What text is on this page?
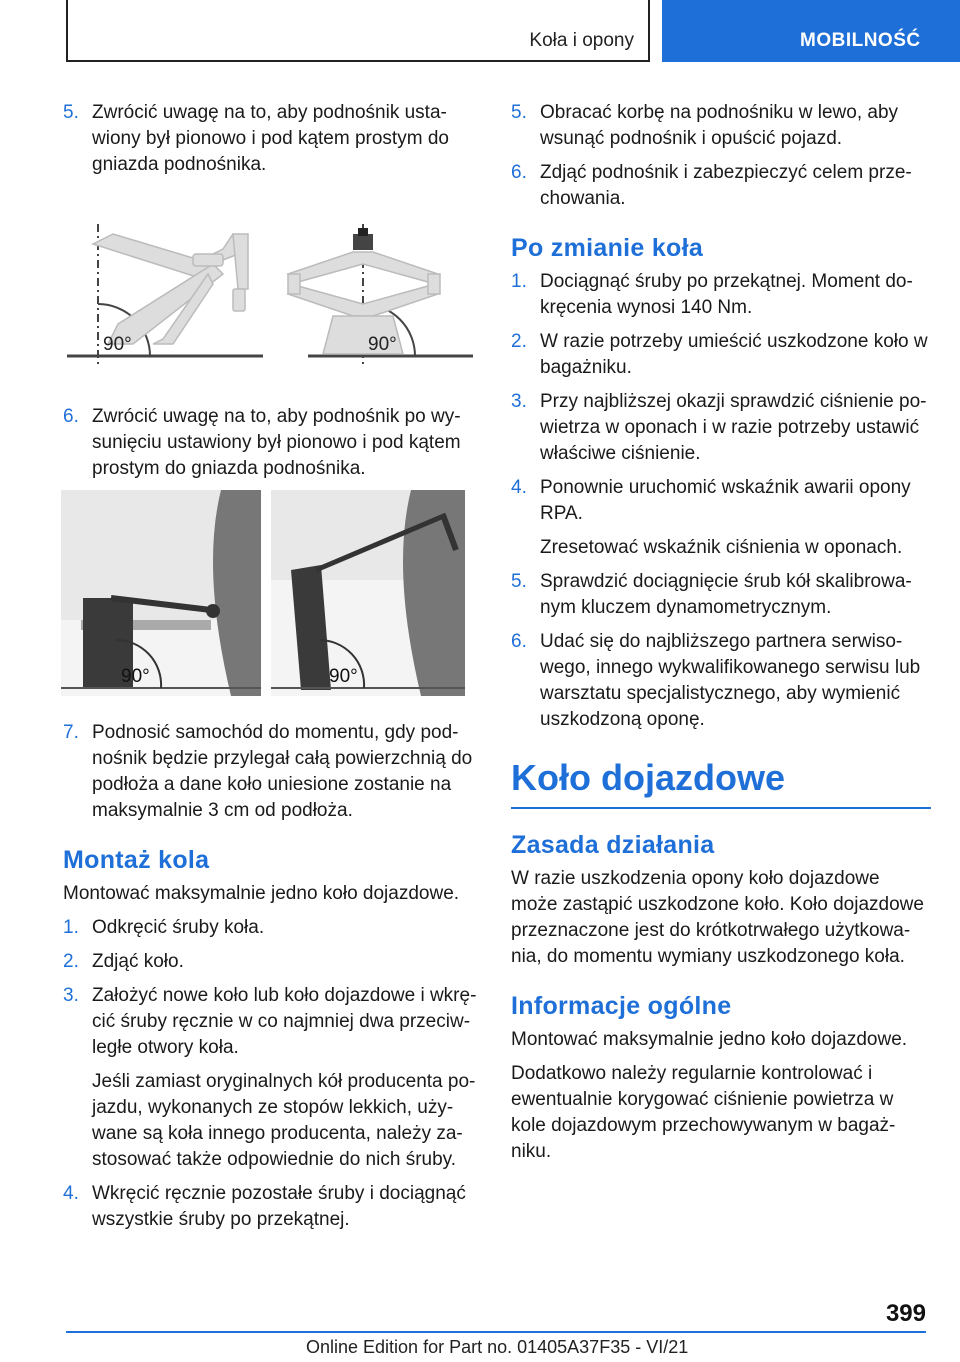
Koła i opony	MOBILNOŚĆ
5. Zwrócić uwagę na to, aby podnośnik usta-wiony był pionowo i pod kątem prostym do gniazda podnośnika.
90°	90°
6. Zwrócić uwagę na to, aby podnośnik po wy-sunięciu ustawiony był pionowo i pod kątem prostym do gniazda podnośnika.
90°	90°
7. Podnosić samochód do momentu, gdy pod-nośnik będzie przylegał całą powierzchnią do podłoża a dane koło uniesione zostanie na maksymalnie 3 cm od podłoża.
Montaż kola
Montować maksymalnie jedno koło dojazdowe.
1. Odkręcić śruby koła.
2. Zdjąć koło.
3. Założyć nowe koło lub koło dojazdowe i wkrę-cić śruby ręcznie w co najmniej dwa przeciw-ległe otwory koła.
Jeśli zamiast oryginalnych kół producenta po-jazdu, wykonanych ze stopów lekkich, uży-wane są koła innego producenta, należy za-stosować także odpowiednie do nich śruby.
4. Wkręcić ręcznie pozostałe śruby i dociągnąć wszystkie śruby po przekątnej.
5. Obracać korbę na podnośniku w lewo, aby wsunąć podnośnik i opuścić pojazd.
6. Zdjąć podnośnik i zabezpieczyć celem prze-chowania.
Po zmianie koła
1. Dociągnąć śruby po przekątnej. Moment do-kręcenia wynosi 140 Nm.
2. W razie potrzeby umieścić uszkodzone koło w bagażniku.
3. Przy najbliższej okazji sprawdzić ciśnienie po-wietrza w oponach i w razie potrzeby ustawić właściwe ciśnienie.
4. Ponownie uruchomić wskaźnik awarii opony RPA.
Zresetować wskaźnik ciśnienia w oponach.
5. Sprawdzić dociągnięcie śrub kół skalibrowa-nym kluczem dynamometrycznym.
6. Udać się do najbliższego partnera serwiso-wego, innego wykwalifikowanego serwisu lub warsztatu specjalistycznego, aby wymienić uszkodzoną oponę.
Koło dojazdowe
Zasada działania
W razie uszkodzenia opony koło dojazdowe może zastąpić uszkodzone koło. Koło dojazdowe przeznaczone jest do krótkotrwałego użytkowa-nia, do momentu wymiany uszkodzonego koła.
Informacje ogólne
Montować maksymalnie jedno koło dojazdowe.
Dodatkowo należy regularnie kontrolować i ewentualnie korygować ciśnienie powietrza w kole dojazdowym przechowywanym w bagaż-niku.
399
Online Edition for Part no. 01405A37F35 - VI/21
